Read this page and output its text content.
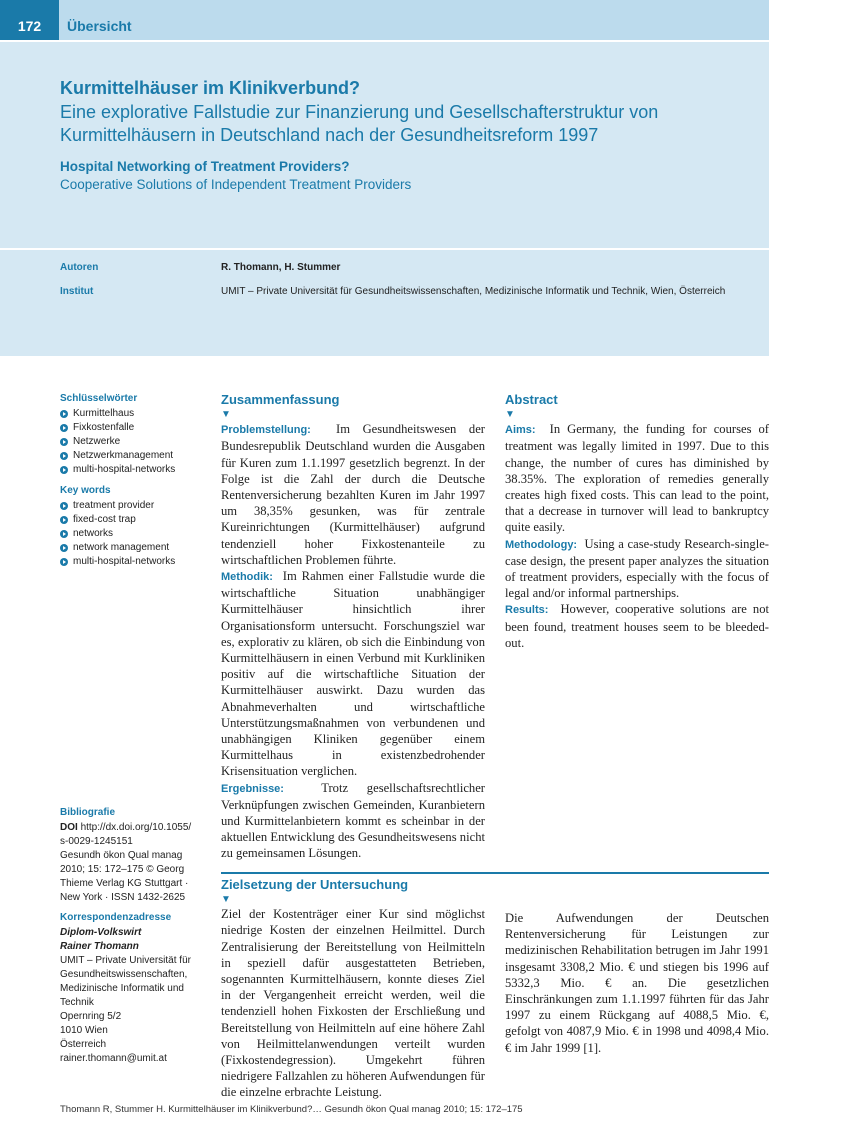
172	Übersicht
Kurmittelhäuser im Klinikverbund?
Eine explorative Fallstudie zur Finanzierung und Gesellschafterstruktur von Kurmittelhäusern in Deutschland nach der Gesundheitsreform 1997
Hospital Networking of Treatment Providers?
Cooperative Solutions of Independent Treatment Providers
Autoren	R. Thomann, H. Stummer
Institut	UMIT – Private Universität für Gesundheitswissenschaften, Medizinische Informatik und Technik, Wien, Österreich
Schlüsselwörter
Kurmittelhaus
Fixkostenfalle
Netzwerke
Netzwerkmanagement
multi-hospital-networks
Key words
treatment provider
fixed-cost trap
networks
network management
multi-hospital-networks
Bibliografie
DOI http://dx.doi.org/10.1055/
s-0029-1245151
Gesundh ökon Qual manag
2010; 15: 172–175 © Georg
Thieme Verlag KG Stuttgart ·
New York · ISSN 1432-2625
Korrespondenzadresse
Diplom-Volkswirt
Rainer Thomann
UMIT – Private Universität für
Gesundheitswissenschaften,
Medizinische Informatik und
Technik
Opernring 5/2
1010 Wien
Österreich
rainer.thomann@umit.at
Zusammenfassung
▼

Problemstellung: Im Gesundheitswesen der Bundesrepublik Deutschland wurden die Ausgaben für Kuren zum 1.1.1997 gesetzlich begrenzt. In der Folge ist die Zahl der durch die Deutsche Rentenversicherung bezahlten Kuren im Jahr 1997 um 38,35% gesunken, was für zentrale Kureinrichtungen (Kurmittelhäuser) aufgrund tendenziell hoher Fixkostenanteile zu wirtschaftlichen Problemen führte.

Methodik: Im Rahmen einer Fallstudie wurde die wirtschaftliche Situation unabhängiger Kurmittelhäuser hinsichtlich ihrer Organisationsform untersucht. Forschungsziel war es, explorativ zu klären, ob sich die Einbindung von Kurmittelhäusern in einen Verbund mit Kurkliniken positiv auf die wirtschaftliche Situation der Kurmittelhäuser auswirkt. Dazu wurden das Abnahmeverhalten und wirtschaftliche Unterstützungsmaßnahmen von verbundenen und unabhängigen Kliniken gegenüber einem Kurmittelhaus in existenzbedrohender Krisensituation verglichen.

Ergebnisse:	Trotz gesellschaftsrechtlicher Verknüpfungen zwischen Gemeinden, Kuranbietern und Kurmittelanbietern kommt es scheinbar in der aktuellen Entwicklung des Gesundheitswesens nicht zu gemeinsamen Lösungen.

Abstract
▼

Aims: In Germany, the funding for courses of treatment was legally limited in 1997. Due to this change, the number of cures has diminished by 38.35%. The exploration of remedies generally creates high fixed costs. This can lead to the point, that a decrease in turnover will lead to bankruptcy quite easily.

Methodology: Using a case-study Research-single-case design, the present paper analyzes the situation of treatment providers, especially with the focus of legal and/or informal partnerships.

Results: However, cooperative solutions are not been found, treatment houses seem to be bleeded-out.

Zielsetzung der Untersuchung
▼

Ziel der Kostenträger einer Kur sind möglichst niedrige Kosten der einzelnen Heilmittel. Durch Zentralisierung der Bereitstellung von Heilmitteln in speziell dafür ausgestatteten Betrieben, sogenannten Kurmittelhäusern, konnte dieses Ziel in der Vergangenheit erreicht werden, weil die tendenziell hohen Fixkosten der Erschließung und Bereitstellung von Heilmitteln auf eine höhere Zahl von Heilmittelanwendungen verteilt wurden (Fixkostendegression). Umgekehrt führen niedrigere Fallzahlen zu höheren Aufwendungen für die einzelne erbrachte Leistung.

Die Aufwendungen der Deutschen Rentenversicherung für Leistungen zur medizinischen Rehabilitation betrugen im Jahr 1991 insgesamt 3308,2 Mio. € und stiegen bis 1996 auf 5332,3 Mio. € an. Die gesetzlichen Einschränkungen zum 1.1.1997 führten für das Jahr 1997 zu einem Rückgang auf 4088,5 Mio. €, gefolgt von 4087,9 Mio. € in 1998 und 4098,4 Mio. € im Jahr 1999 [1].

Thomann R, Stummer H. Kurmittelhäuser im Klinikverbund?… Gesundh ökon Qual manag 2010; 15: 172–175
